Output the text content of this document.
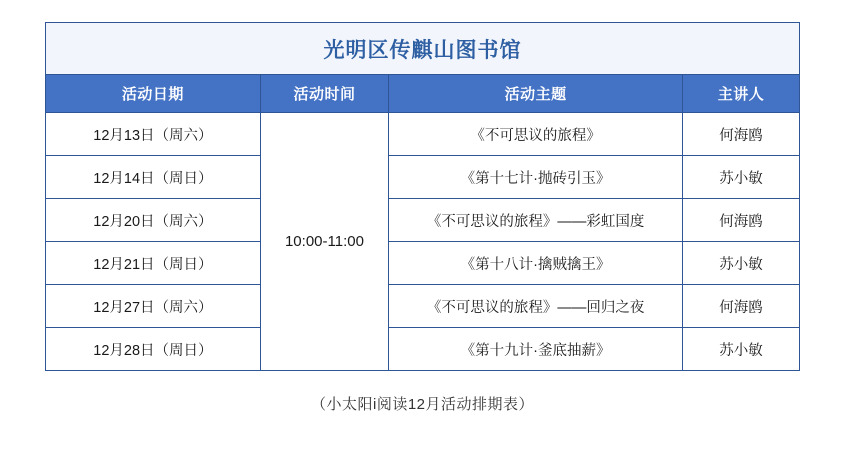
光明区传麒山图书馆			
活动日期	活动时间	活动主题	主讲人
12月13日（周六）	10:00-11:00	《不可思议的旅程》	何海鸥
12月14日（周日）		《第十七计·抛砖引玉》	苏小敏
12月20日（周六）		《不可思议的旅程》——彩虹国度	何海鸥
12月21日（周日）		《第十八计·擒贼擒王》	苏小敏
12月27日（周六）		《不可思议的旅程》——回归之夜	何海鸥
12月28日（周日）		《第十九计·釜底抽薪》	苏小敏
（小太阳i阅读12月活动排期表）
